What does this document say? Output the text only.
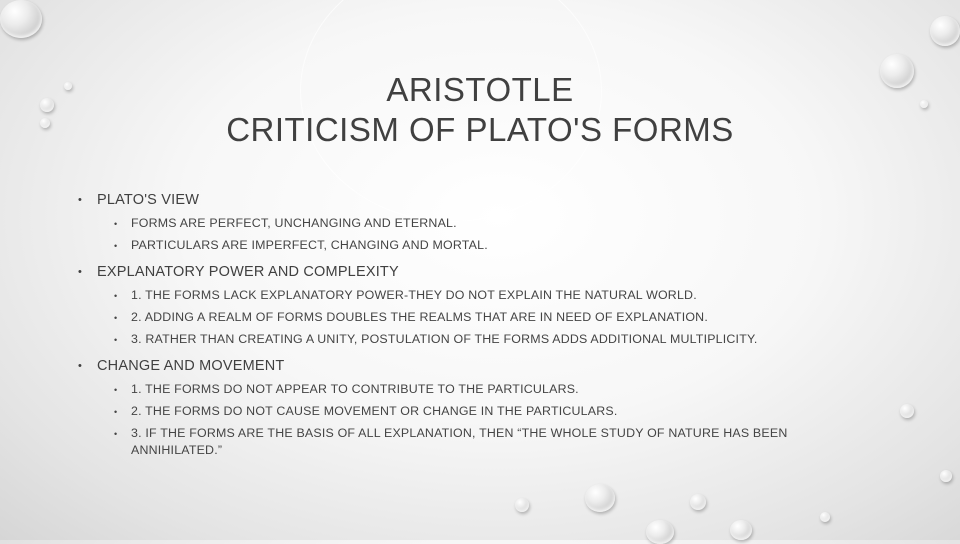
ARISTOTLE
CRITICISM OF PLATO'S FORMS
• PLATO'S VIEW
• FORMS ARE PERFECT, UNCHANGING AND ETERNAL.
• PARTICULARS ARE IMPERFECT, CHANGING AND MORTAL.
• EXPLANATORY POWER AND COMPLEXITY
• 1. THE FORMS LACK EXPLANATORY POWER-THEY DO NOT EXPLAIN THE NATURAL WORLD.
• 2. ADDING A REALM OF FORMS DOUBLES THE REALMS THAT ARE IN NEED OF EXPLANATION.
• 3. RATHER THAN CREATING A UNITY, POSTULATION OF THE FORMS ADDS ADDITIONAL MULTIPLICITY.
• CHANGE AND MOVEMENT
• 1. THE FORMS DO NOT APPEAR TO CONTRIBUTE TO THE PARTICULARS.
• 2. THE FORMS DO NOT CAUSE MOVEMENT OR CHANGE IN THE PARTICULARS.
• 3. IF THE FORMS ARE THE BASIS OF ALL EXPLANATION, THEN “THE WHOLE STUDY OF NATURE HAS BEEN ANNIHILATED.”
